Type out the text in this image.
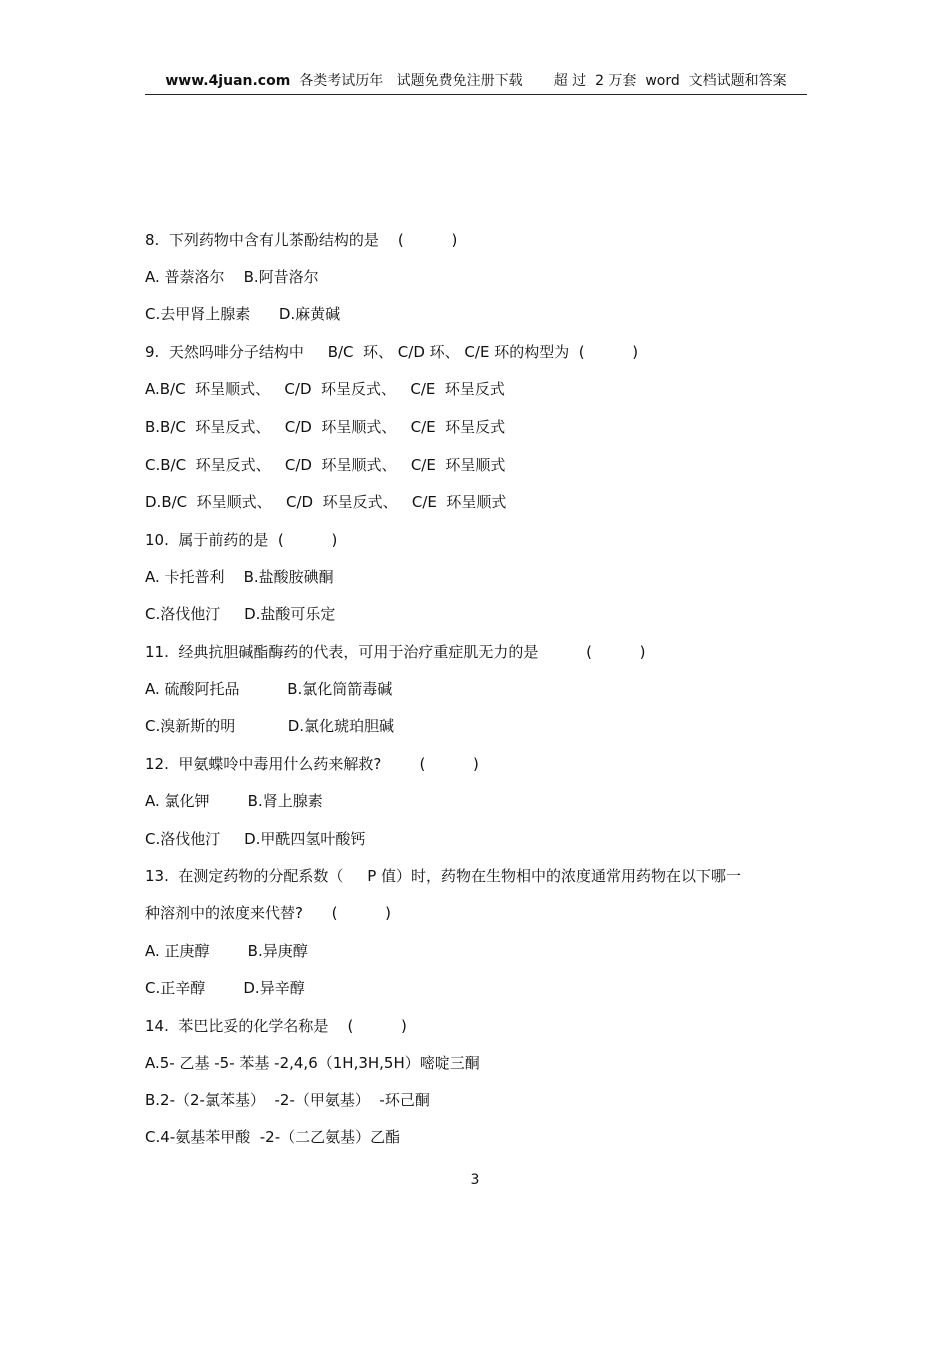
www.4juan.com  各类考试历年   试题免费免注册下载       超 过  2 万套  word  文档试题和答案
8.  下列药物中含有儿茶酚结构的是    (          )
A. 普萘洛尔    B.阿昔洛尔
C.去甲肾上腺素      D.麻黄碱
9.  天然吗啡分子结构中     B/C  环、 C/D 环、 C/E 环的构型为  (          )
A.B/C  环呈顺式、   C/D  环呈反式、   C/E  环呈反式
B.B/C  环呈反式、   C/D  环呈顺式、   C/E  环呈反式
C.B/C  环呈反式、   C/D  环呈顺式、   C/E  环呈顺式
D.B/C  环呈顺式、   C/D  环呈反式、   C/E  环呈顺式
10.  属于前药的是  (          )
A. 卡托普利    B.盐酸胺碘酮
C.洛伐他汀     D.盐酸可乐定
11.  经典抗胆碱酯酶药的代表，可用于治疗重症肌无力的是          (          )
A. 硫酸阿托品          B.氯化筒箭毒碱
C.溴新斯的明           D.氯化琥珀胆碱
12.  甲氨蝶呤中毒用什么药来解救?        (          )
A. 氯化钾        B.肾上腺素
C.洛伐他汀     D.甲酰四氢叶酸钙
13.  在测定药物的分配系数（     P 值）时，药物在生物相中的浓度通常用药物在以下哪一
种溶剂中的浓度来代替?      (          )
A. 正庚醇        B.异庚醇
C.正辛醇        D.异辛醇
14.  苯巴比妥的化学名称是    (          )
A.5- 乙基 -5- 苯基 -2,4,6（1H,3H,5H）嘧啶三酮
B.2-（2-氯苯基）  -2-（甲氨基）  -环己酮
C.4-氨基苯甲酸  -2-（二乙氨基）乙酯
3
